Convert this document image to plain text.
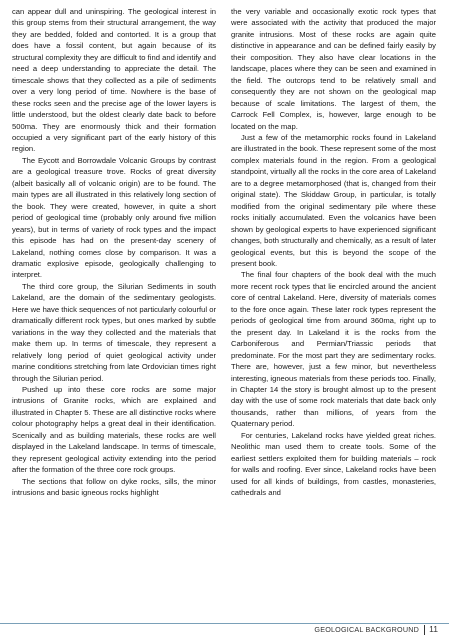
can appear dull and uninspiring. The geological interest in this group stems from their structural arrangement, the way they are bedded, folded and contorted. It is a group that does have a fossil content, but again because of its structural complexity they are difficult to find and identify and need a deep understanding to appreciate the detail. The timescale shows that they collected as a pile of sediments over a very long period of time. Nowhere is the base of these rocks seen and the precise age of the lower layers is little understood, but the oldest clearly date back to before 500ma. They are enormously thick and their formation occupied a very significant part of the early history of this region.

The Eycott and Borrowdale Volcanic Groups by contrast are a geological treasure trove. Rocks of great diversity (albeit basically all of volcanic origin) are to be found. The main types are all illustrated in this relatively long section of the book. They were created, however, in quite a short period of geological time (probably only around five million years), but in terms of variety of rock types and the impact this episode has had on the present-day scenery of Lakeland, nothing comes close by comparison. It was a dramatic explosive episode, geologically challenging to interpret.

The third core group, the Silurian Sediments in south Lakeland, are the domain of the sedimentary geologists. Here we have thick sequences of not particularly colourful or dramatically different rock types, but ones marked by subtle variations in the way they collected and the materials that make them up. In terms of timescale, they represent a relatively long period of quiet geological activity under marine conditions stretching from late Ordovician times right through the Silurian period.

Pushed up into these core rocks are some major intrusions of Granite rocks, which are explained and illustrated in Chapter 5. These are all distinctive rocks where colour photography helps a great deal in their identification. Scenically and as building materials, these rocks are well displayed in the Lakeland landscape. In terms of timescale, they represent geological activity extending into the period after the formation of the three core rock groups.

The sections that follow on dyke rocks, sills, the minor intrusions and basic igneous rocks highlight

the very variable and occasionally exotic rock types that were associated with the activity that produced the major granite intrusions. Most of these rocks are again quite distinctive in appearance and can be defined fairly easily by their composition. They also have clear locations in the landscape, places where they can be seen and examined in the field. The outcrops tend to be relatively small and consequently they are not shown on the geological map because of scale limitations. The largest of them, the Carrock Fell Complex, is, however, large enough to be located on the map.

Just a few of the metamorphic rocks found in Lakeland are illustrated in the book. These represent some of the most complex materials found in the region. From a geological standpoint, virtually all the rocks in the core area of Lakeland are to a degree metamorphosed (that is, changed from their original state). The Skiddaw Group, in particular, is totally modified from the original sedimentary pile where these rocks initially accumulated. Even the volcanics have been shown by geological experts to have experienced significant changes, both structurally and chemically, as a result of later geological events, but this is beyond the scope of the present book.

The final four chapters of the book deal with the much more recent rock types that lie encircled around the ancient core of central Lakeland. Here, diversity of materials comes to the fore once again. These later rock types represent the periods of geological time from around 360ma, right up to the present day. In Lakeland it is the rocks from the Carboniferous and Permian/Triassic periods that predominate. For the most part they are sedimentary rocks. There are, however, just a few minor, but nevertheless interesting, igneous materials from these periods too. Finally, in Chapter 14 the story is brought almost up to the present day with the use of some rock materials that date back only thousands, rather than millions, of years from the Quaternary period.

For centuries, Lakeland rocks have yielded great riches. Neolithic man used them to create tools. Some of the earliest settlers exploited them for building materials – rock for walls and roofing. Ever since, Lakeland rocks have been used for all kinds of buildings, from castles, monasteries, cathedrals and

GEOLOGICAL BACKGROUND 11
